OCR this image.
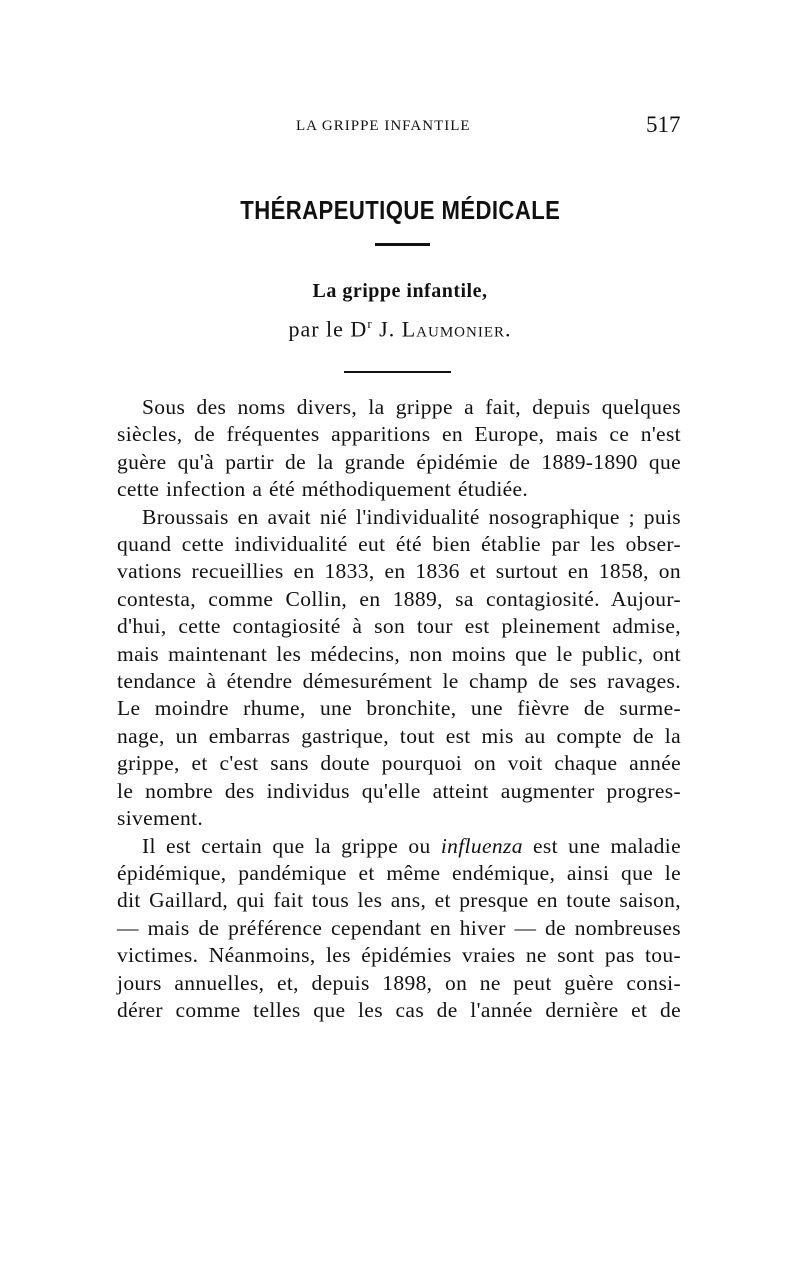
LA GRIPPE INFANTILE	517
THÉRAPEUTIQUE MÉDICALE
La grippe infantile,
par le $D^r$ J. Laumonier.
Sous des noms divers, la grippe a fait, depuis quelques
siècles, de fréquentes apparitions en Europe, mais ce n'est
guère qu'à partir de la grande épidémie de 1889-1890 que
cette infection a été méthodiquement étudiée.
Broussais en avait nié l'individualité nosographique ; puis
quand cette individualité eut été bien établie par les obser-
vations recueillies en 1833, en 1836 et surtout en 1858, on
contesta, comme Collin, en 1889, sa contagiosité. Aujour-
d'hui, cette contagiosité à son tour est pleinement admise,
mais maintenant les médecins, non moins que le public, ont
tendance à étendre démesurément le champ de ses ravages.
Le moindre rhume, une bronchite, une fièvre de surme-
nage, un embarras gastrique, tout est mis au compte de la
grippe, et c'est sans doute pourquoi on voit chaque année
le nombre des individus qu'elle atteint augmenter progres-
sivement.
Il est certain que la grippe ou influenza est une maladie
épidémique, pandémique et même endémique, ainsi que le
dit Gaillard, qui fait tous les ans, et presque en toute saison,
— mais de préférence cependant en hiver — de nombreuses
victimes. Néanmoins, les épidémies vraies ne sont pas tou-
jours annuelles, et, depuis 1898, on ne peut guère consi-
dérer comme telles que les cas de l'année dernière et de
